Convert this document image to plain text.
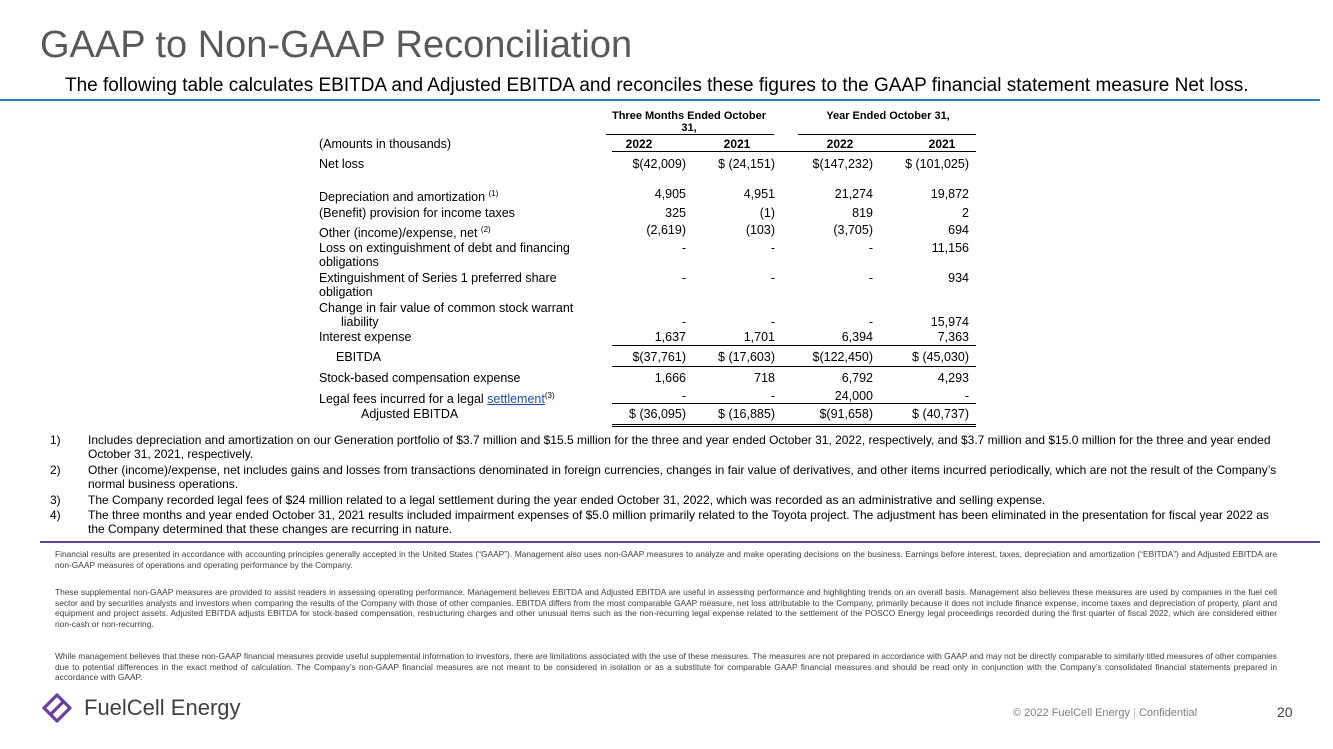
GAAP to Non-GAAP Reconciliation
The following table calculates EBITDA and Adjusted EBITDA and reconciles these figures to the GAAP financial statement measure Net loss.
Three Months Ended October 31,
Year Ended October 31,
(Amounts in thousands)	2022	2021	2022	2021
Net loss	$(42,009)	$ (24,151)	$(147,232)	$ (101,025)
Depreciation and amortization $^{(1)}$	4,905	4,951	21,274	19,872
(Benefit) provision for income taxes	325	(1)	819	2
Other (income)/expense, net $^{(2)}$	(2,619)	(103)	(3,705)	694
Loss on extinguishment of debt and financing
obligations
-	-	-	11,156
Extinguishment of Series 1 preferred share
obligation
-	-	-	934
Change in fair value of common stock warrant
liability	-	-	-	15,974
Interest expense	1,637	1,701	6,394	7,363
EBITDA	$(37,761)	$ (17,603)	$(122,450)	$ (45,030)
Stock-based compensation expense	1,666	718	6,792	4,293
Legal fees incurred for a legal settlement$^{(3)}$	-	-	24,000	-
Adjusted EBITDA	$ (36,095)	$ (16,885)	$(91,658)	$ (40,737)
1) Includes depreciation and amortization on our Generation portfolio of $3.7 million and $15.5 million for the three and year ended October 31, 2022, respectively, and $3.7 million and $15.0 million for the three and year ended October 31, 2021, respectively.
2) Other (income)/expense, net includes gains and losses from transactions denominated in foreign currencies, changes in fair value of derivatives, and other items incurred periodically, which are not the result of the Company’s normal business operations.
3) The Company recorded legal fees of $24 million related to a legal settlement during the year ended October 31, 2022, which was recorded as an administrative and selling expense.
4) The three months and year ended October 31, 2021 results included impairment expenses of $5.0 million primarily related to the Toyota project. The adjustment has been eliminated in the presentation for fiscal year 2022 as the Company determined that these changes are recurring in nature.

Financial results are presented in accordance with accounting principles generally accepted in the United States (“GAAP”). Management also uses non-GAAP measures to analyze and make operating decisions on the business. Earnings before interest, taxes, depreciation and amortization (“EBITDA”) and Adjusted EBITDA are non-GAAP measures of operations and operating performance by the Company.

These supplemental non-GAAP measures are provided to assist readers in assessing operating performance. Management believes EBITDA and Adjusted EBITDA are useful in assessing performance and highlighting trends on an overall basis. Management also believes these measures are used by companies in the fuel cell sector and by securities analysts and investors when comparing the results of the Company with those of other companies. EBITDA differs from the most comparable GAAP measure, net loss attributable to the Company, primarily because it does not include finance expense, income taxes and depreciation of property, plant and equipment and project assets. Adjusted EBITDA adjusts EBITDA for stock-based compensation, restructuring charges and other unusual items such as the non-recurring legal expense related to the settlement of the POSCO Energy legal proceedings recorded during the first quarter of fiscal 2022, which are considered either non-cash or non-recurring.

While management believes that these non-GAAP financial measures provide useful supplemental information to investors, there are limitations associated with the use of these measures. The measures are not prepared in accordance with GAAP and may not be directly comparable to similarly titled measures of other companies due to potential differences in the exact method of calculation. The Company’s non-GAAP financial measures are not meant to be considered in isolation or as a substitute for comparable GAAP financial measures and should be read only in conjunction with the Company’s consolidated financial statements prepared in accordance with GAAP.

FuelCell Energy	© 2022 FuelCell Energy | Confidential	20
